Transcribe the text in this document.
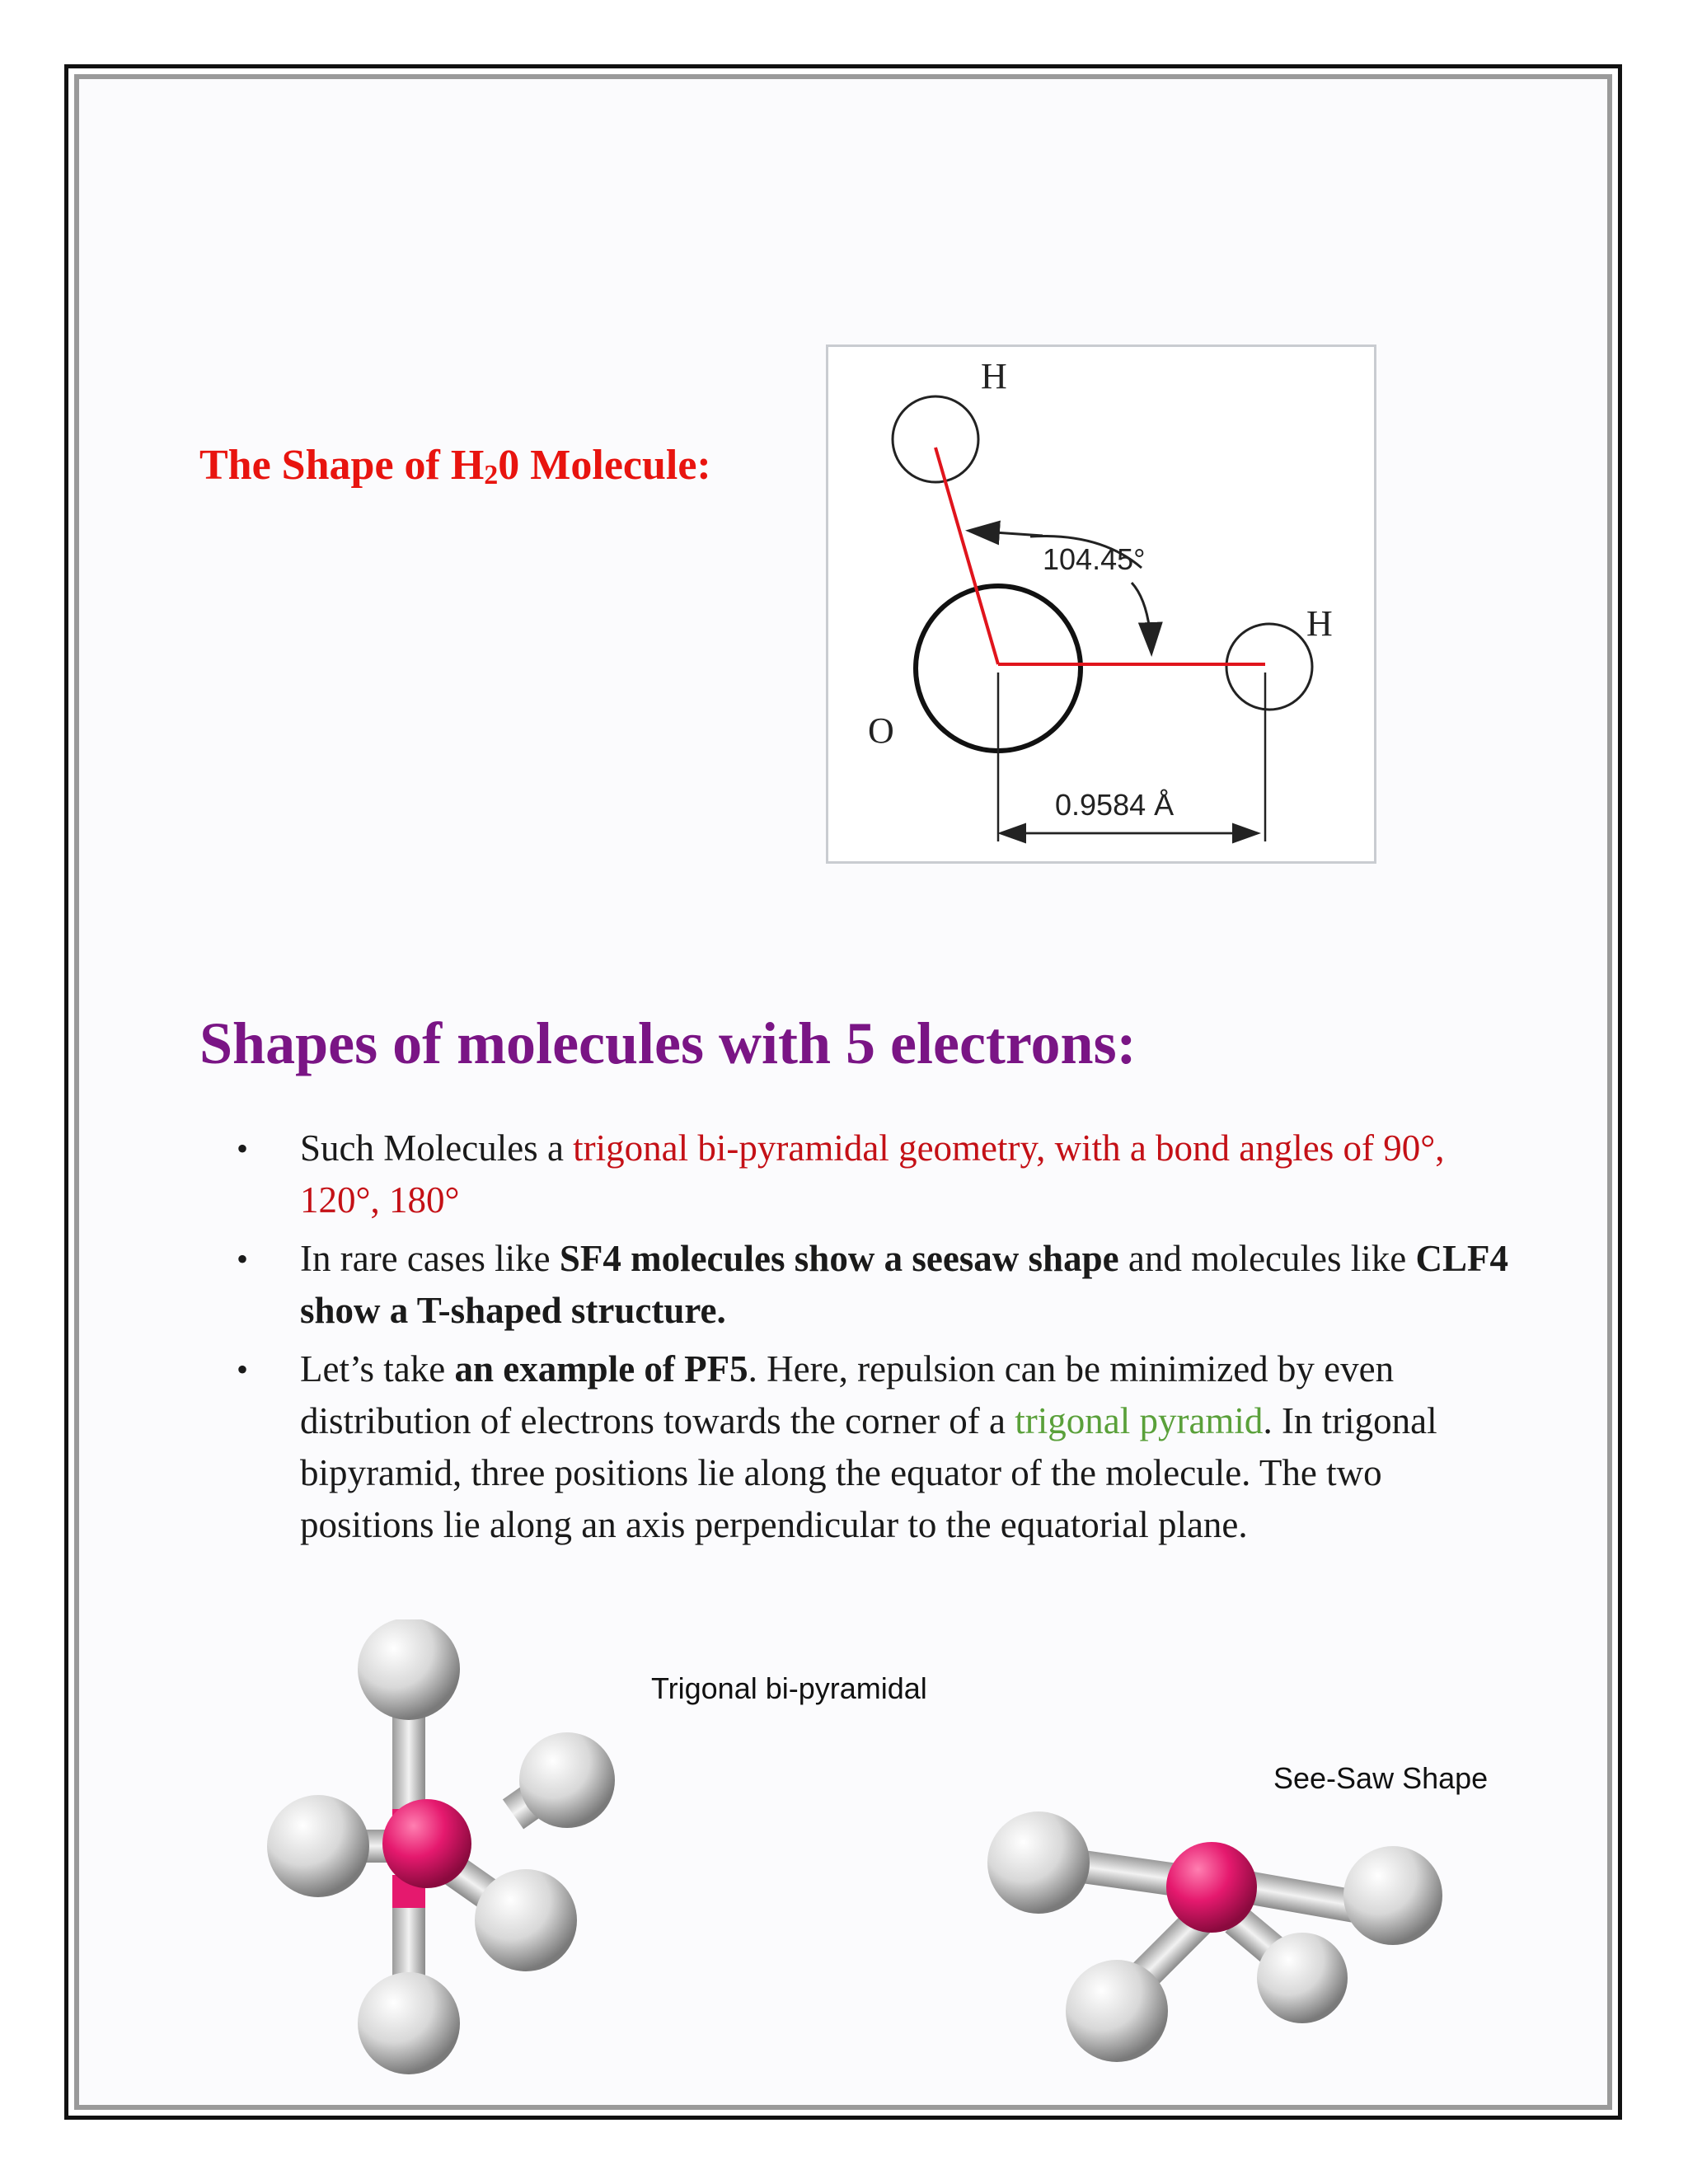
The Shape of $H_20$ Molecule:
H
H
O
104.45°
0.9584 Å
Shapes of molecules with 5 electrons:
• Such Molecules a trigonal bi-pyramidal geometry, with a bond angles of 90°, 120°, 180°
• In rare cases like SF4 molecules show a seesaw shape and molecules like CLF4 show a T-shaped structure.
• Let’s take an example of PF5. Here, repulsion can be minimized by even distribution of electrons towards the corner of a trigonal pyramid. In trigonal bipyramid, three positions lie along the equator of the molecule. The two positions lie along an axis perpendicular to the equatorial plane.
Trigonal bi-pyramidal
See-Saw Shape
